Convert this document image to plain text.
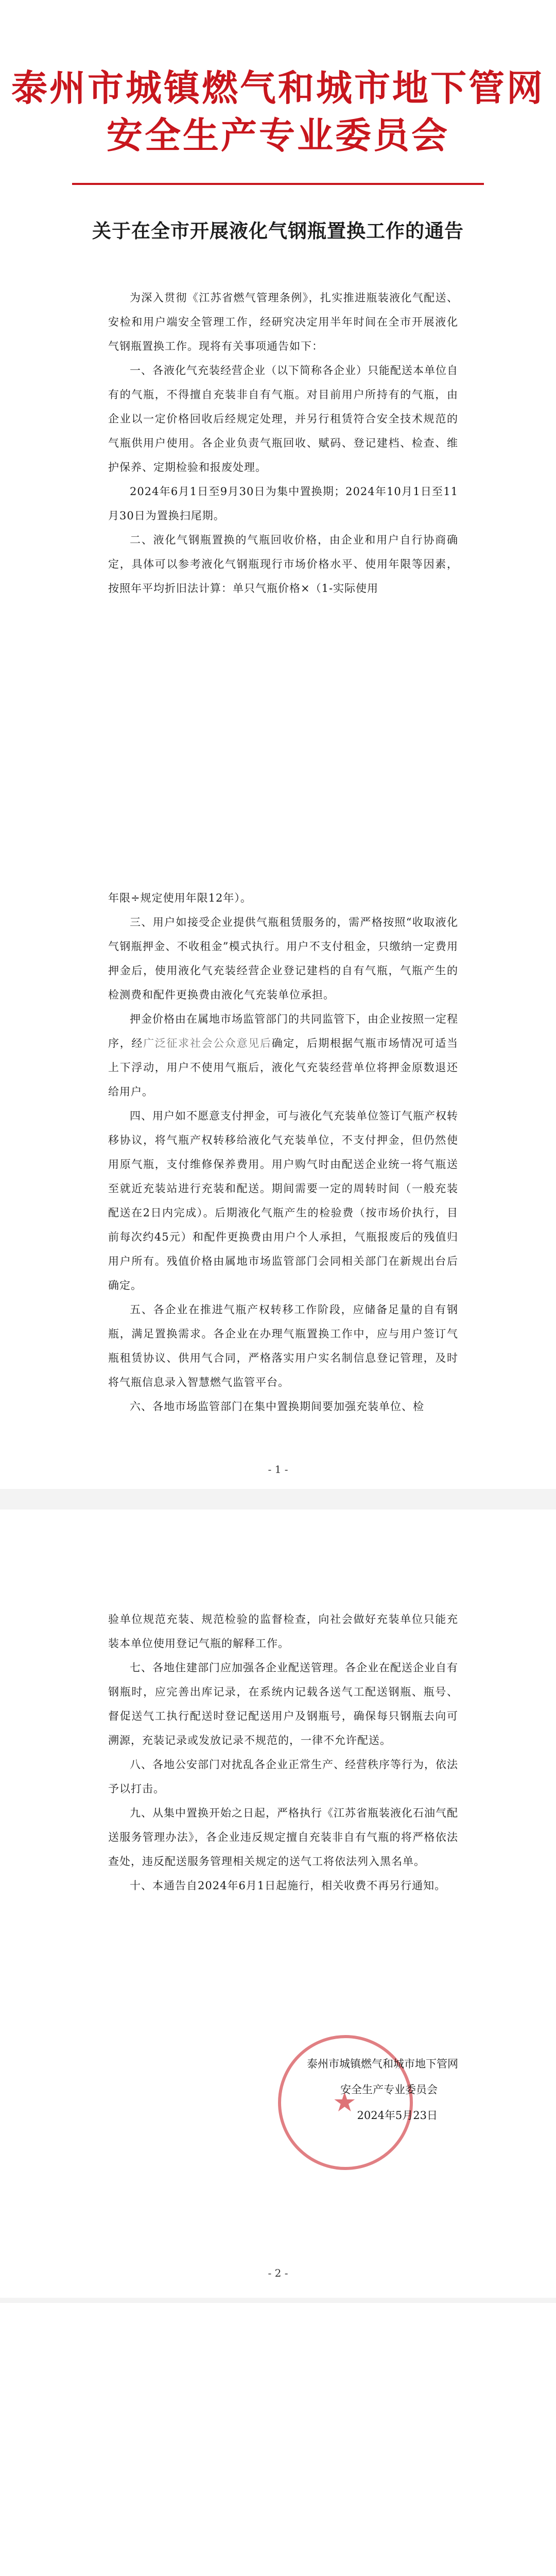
泰州市城镇燃气和城市地下管网
安全生产专业委员会
关于在全市开展液化气钢瓶置换工作的通告

为深入贯彻《江苏省燃气管理条例》，扎实推进瓶装液化气配送、安检和用户端安全管理工作，经研究决定用半年时间在全市开展液化气钢瓶置换工作。现将有关事项通告如下：

一、各液化气充装经营企业（以下简称各企业）只能配送本单位自有的气瓶，不得擅自充装非自有气瓶。对目前用户所持有的气瓶，由企业以一定价格回收后经规定处理，并另行租赁符合安全技术规范的气瓶供用户使用。各企业负责气瓶回收、赋码、登记建档、检查、维护保养、定期检验和报废处理。

2024年6月1日至9月30日为集中置换期；2024年10月1日至11月30日为置换扫尾期。

二、液化气钢瓶置换的气瓶回收价格，由企业和用户自行协商确定，具体可以参考液化气钢瓶现行市场价格水平、使用年限等因素，按照年平均折旧法计算：单只气瓶价格×（1-实际使用

年限÷规定使用年限12年）。

三、用户如接受企业提供气瓶租赁服务的，需严格按照“收取液化气钢瓶押金、不收租金”模式执行。用户不支付租金，只缴纳一定费用押金后，使用液化气充装经营企业登记建档的自有气瓶，气瓶产生的检测费和配件更换费由液化气充装单位承担。

押金价格由在属地市场监管部门的共同监管下，由企业按照一定程序，经广泛征求社会公众意见后确定，后期根据气瓶市场情况可适当上下浮动，用户不使用气瓶后，液化气充装经营单位将押金原数退还给用户。

四、用户如不愿意支付押金，可与液化气充装单位签订气瓶产权转移协议，将气瓶产权转移给液化气充装单位，不支付押金，但仍然使用原气瓶，支付维修保养费用。用户购气时由配送企业统一将气瓶送至就近充装站进行充装和配送。期间需要一定的周转时间（一般充装配送在2日内完成）。后期液化气瓶产生的检验费（按市场价执行，目前每次约45元）和配件更换费由用户个人承担，气瓶报废后的残值归用户所有。残值价格由属地市场监管部门会同相关部门在新规出台后确定。

五、各企业在推进气瓶产权转移工作阶段，应储备足量的自有钢瓶，满足置换需求。各企业在办理气瓶置换工作中，应与用户签订气瓶租赁协议、供用气合同，严格落实用户实名制信息登记管理，及时将气瓶信息录入智慧燃气监管平台。

六、各地市场监管部门在集中置换期间要加强充装单位、检

- 1 -

验单位规范充装、规范检验的监督检查，向社会做好充装单位只能充装本单位使用登记气瓶的解释工作。

七、各地住建部门应加强各企业配送管理。各企业在配送企业自有钢瓶时，应完善出库记录，在系统内记载各送气工配送钢瓶、瓶号、督促送气工执行配送时登记配送用户及钢瓶号，确保每只钢瓶去向可溯源，充装记录或发放记录不规范的，一律不允许配送。

八、各地公安部门对扰乱各企业正常生产、经营秩序等行为，依法予以打击。

九、从集中置换开始之日起，严格执行《江苏省瓶装液化石油气配送服务管理办法》，各企业违反规定擅自充装非自有气瓶的将严格依法查处，违反配送服务管理相关规定的送气工将依法列入黑名单。

十、本通告自2024年6月1日起施行，相关收费不再另行通知。

★
泰州市城镇燃气和城市地下管网
安全生产专业委员会
2024年5月23日
- 2 -
